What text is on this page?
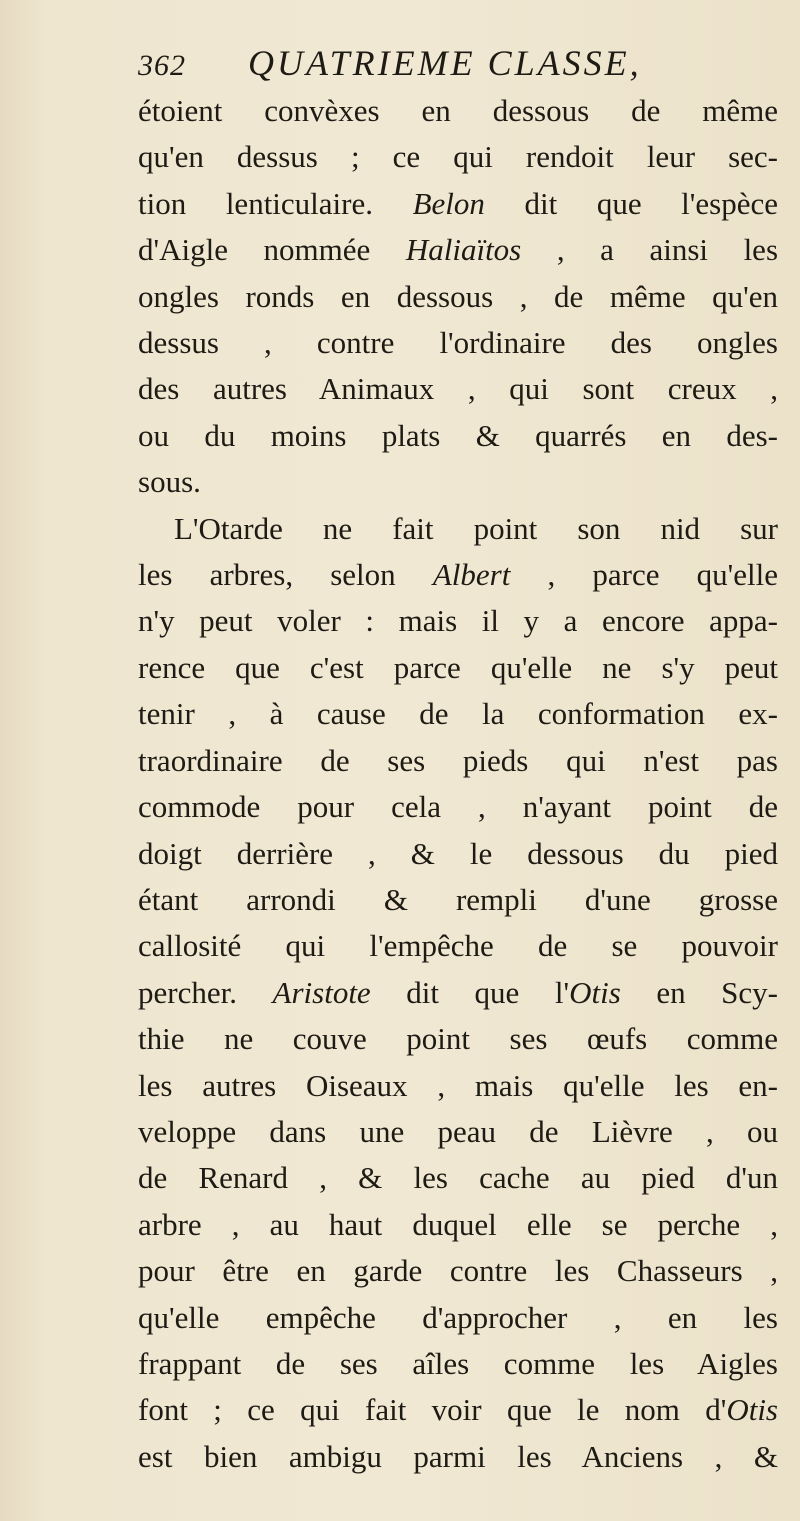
362	QUATRIEME CLASSE,
étoient convèxes en dessous de même
qu'en dessus ; ce qui rendoit leur sec-
tion lenticulaire. Belon dit que l'espèce
d'Aigle nommée Haliaïtos , a ainsi les
ongles ronds en dessous , de même qu'en
dessus , contre l'ordinaire des ongles
des autres Animaux , qui sont creux ,
ou du moins plats & quarrés en des-
sous.
L'Otarde ne fait point son nid sur
les arbres, selon Albert , parce qu'elle
n'y peut voler : mais il y a encore appa-
rence que c'est parce qu'elle ne s'y peut
tenir , à cause de la conformation ex-
traordinaire de ses pieds qui n'est pas
commode pour cela , n'ayant point de
doigt derrière , & le dessous du pied
étant arrondi & rempli d'une grosse
callosité qui l'empêche de se pouvoir
percher. Aristote dit que l'Otis en Scy-
thie ne couve point ses œufs comme
les autres Oiseaux , mais qu'elle les en-
veloppe dans une peau de Lièvre , ou
de Renard , & les cache au pied d'un
arbre , au haut duquel elle se perche ,
pour être en garde contre les Chasseurs ,
qu'elle empêche d'approcher , en les
frappant de ses aîles comme les Aigles
font ; ce qui fait voir que le nom d'Otis
est bien ambigu parmi les Anciens , &
